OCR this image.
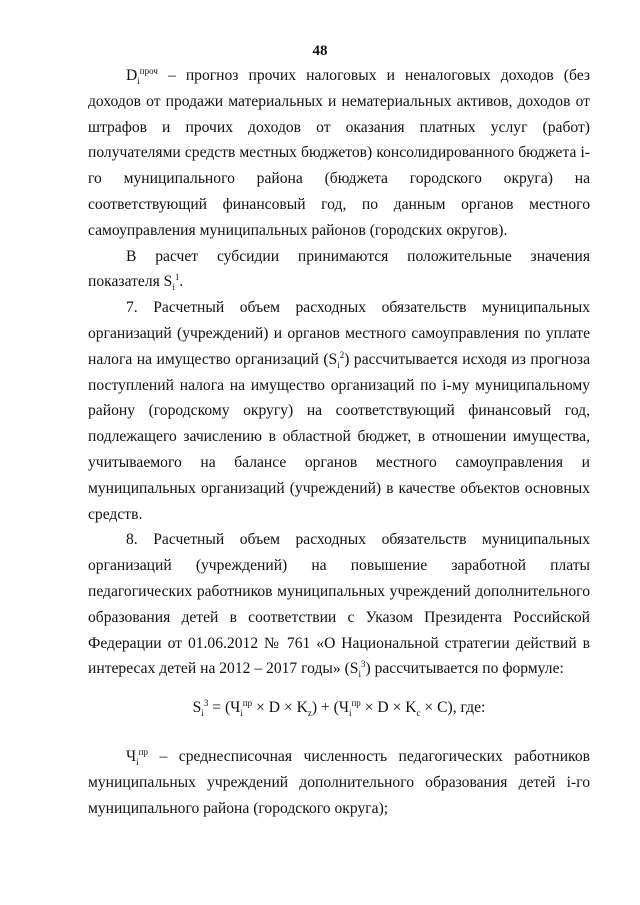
48

$D_i^{проч}$ – прогноз прочих налоговых и неналоговых доходов (без доходов от продажи материальных и нематериальных активов, доходов от штрафов и прочих доходов от оказания платных услуг (работ) получателями средств местных бюджетов) консолидированного бюджета i-го муниципального района (бюджета городского округа) на соответствующий финансовый год, по данным органов местного самоуправления муниципальных районов (городских округов).

В расчет субсидии принимаются положительные значения показателя $S_i^1$.

7. Расчетный объем расходных обязательств муниципальных организаций (учреждений) и органов местного самоуправления по уплате налога на имущество организаций $(S_i^2)$ рассчитывается исходя из прогноза поступлений налога на имущество организаций по i-му муниципальному району (городскому округу) на соответствующий финансовый год, подлежащего зачислению в областной бюджет, в отношении имущества, учитываемого на балансе органов местного самоуправления и муниципальных организаций (учреждений) в качестве объектов основных средств.

8. Расчетный объем расходных обязательств муниципальных организаций (учреждений) на повышение заработной платы педагогических работников муниципальных учреждений дополнительного образования детей в соответствии с Указом Президента Российской Федерации от 01.06.2012 № 761 «О Национальной стратегии действий в интересах детей на 2012 – 2017 годы» $(S_i^3)$ рассчитывается по формуле:

$S_i^3 = (Ч_i^{пр} \times D \times K_z) + (Ч_i^{пр} \times D \times K_c \times C)$, где:

$Ч_i^{пр}$ – среднесписочная численность педагогических работников муниципальных учреждений дополнительного образования детей i-го муниципального района (городского округа);
